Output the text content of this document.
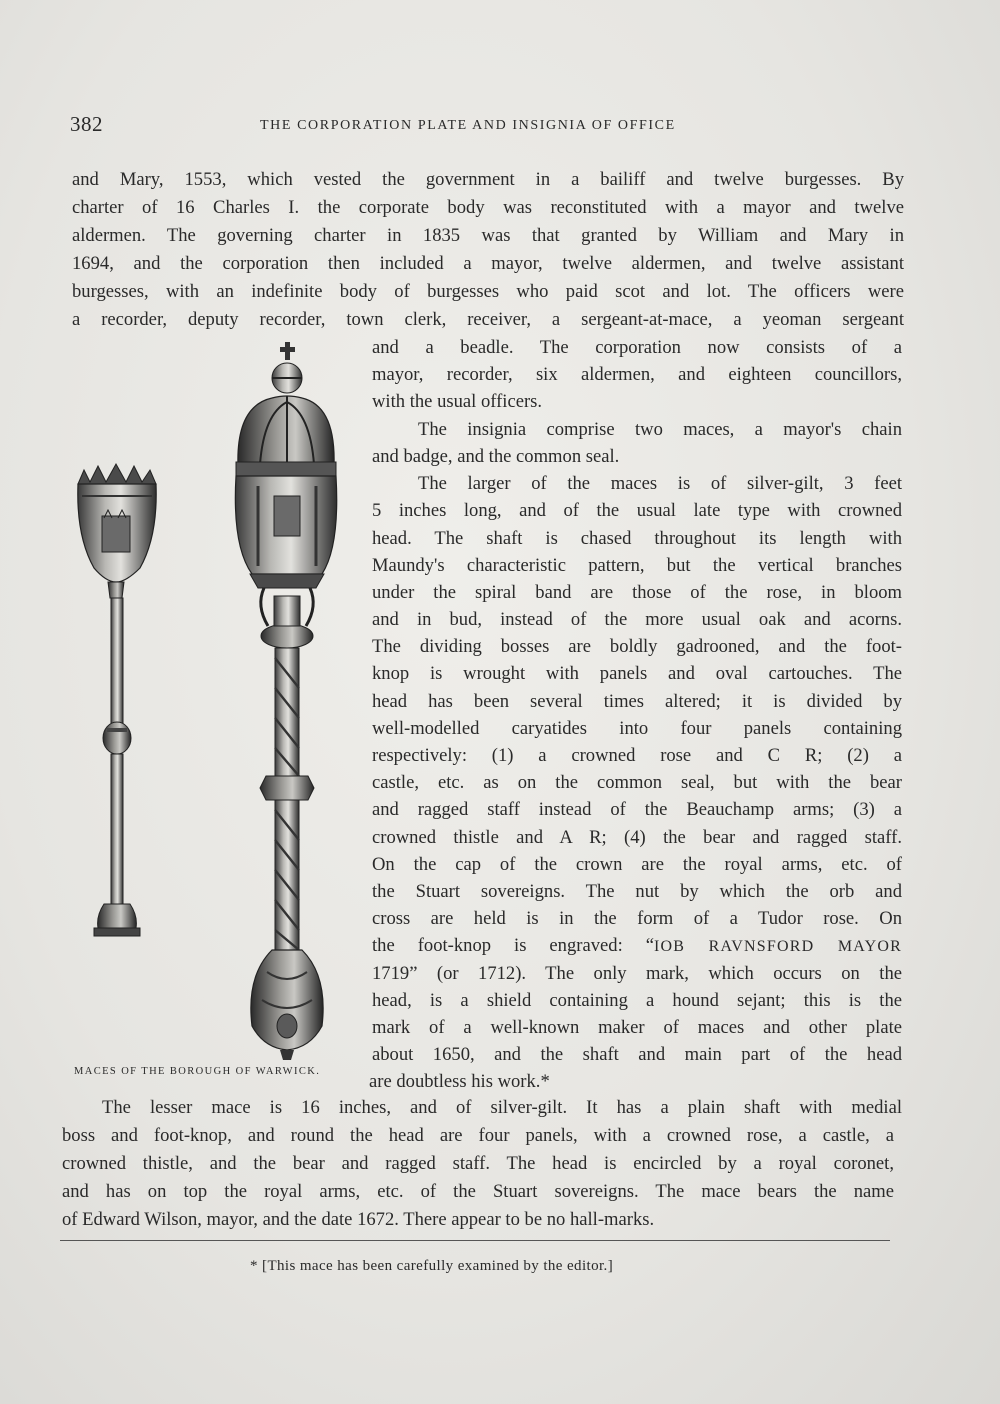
382	THE CORPORATION PLATE AND INSIGNIA OF OFFICE
and Mary, 1553, which vested the government in a bailiff and twelve burgesses. By
charter of 16 Charles I. the corporate body was reconstituted with a mayor and twelve
aldermen. The governing charter in 1835 was that granted by William and Mary in
1694, and the corporation then included a mayor, twelve aldermen, and twelve assistant
burgesses, with an indefinite body of burgesses who paid scot and lot. The officers were
a recorder, deputy recorder, town clerk, receiver, a sergeant-at-mace, a yeoman sergeant
and a beadle. The corporation now consists of a
mayor, recorder, six aldermen, and eighteen councillors,
with the usual officers.
The insignia comprise two maces, a mayor's chain
and badge, and the common seal.
The larger of the maces is of silver-gilt, 3 feet
5 inches long, and of the usual late type with crowned
head. The shaft is chased throughout its length with
Maundy's characteristic pattern, but the vertical branches
under the spiral band are those of the rose, in bloom
and in bud, instead of the more usual oak and acorns.
The dividing bosses are boldly gadrooned, and the foot-
knop is wrought with panels and oval cartouches. The
head has been several times altered; it is divided by
well-modelled caryatides into four panels containing
respectively: (1) a crowned rose and C R; (2) a
castle, etc. as on the common seal, but with the bear
and ragged staff instead of the Beauchamp arms; (3) a
crowned thistle and A R; (4) the bear and ragged staff.
On the cap of the crown are the royal arms, etc. of
the Stuart sovereigns. The nut by which the orb and
cross are held is in the form of a Tudor rose. On
the foot-knop is engraved: “IOB RAVNSFORD MAYOR
1719” (or 1712). The only mark, which occurs on the
head, is a shield containing a hound sejant; this is the
mark of a well-known maker of maces and other plate
about 1650, and the shaft and main part of the head
are doubtless his work.*
The lesser mace is 16 inches, and of silver-gilt. It has a plain shaft with medial
boss and foot-knop, and round the head are four panels, with a crowned rose, a castle, a
crowned thistle, and the bear and ragged staff. The head is encircled by a royal coronet,
and has on top the royal arms, etc. of the Stuart sovereigns. The mace bears the name
of Edward Wilson, mayor, and the date 1672. There appear to be no hall-marks.
MACES OF THE BOROUGH OF WARWICK.
* [This mace has been carefully examined by the editor.]
